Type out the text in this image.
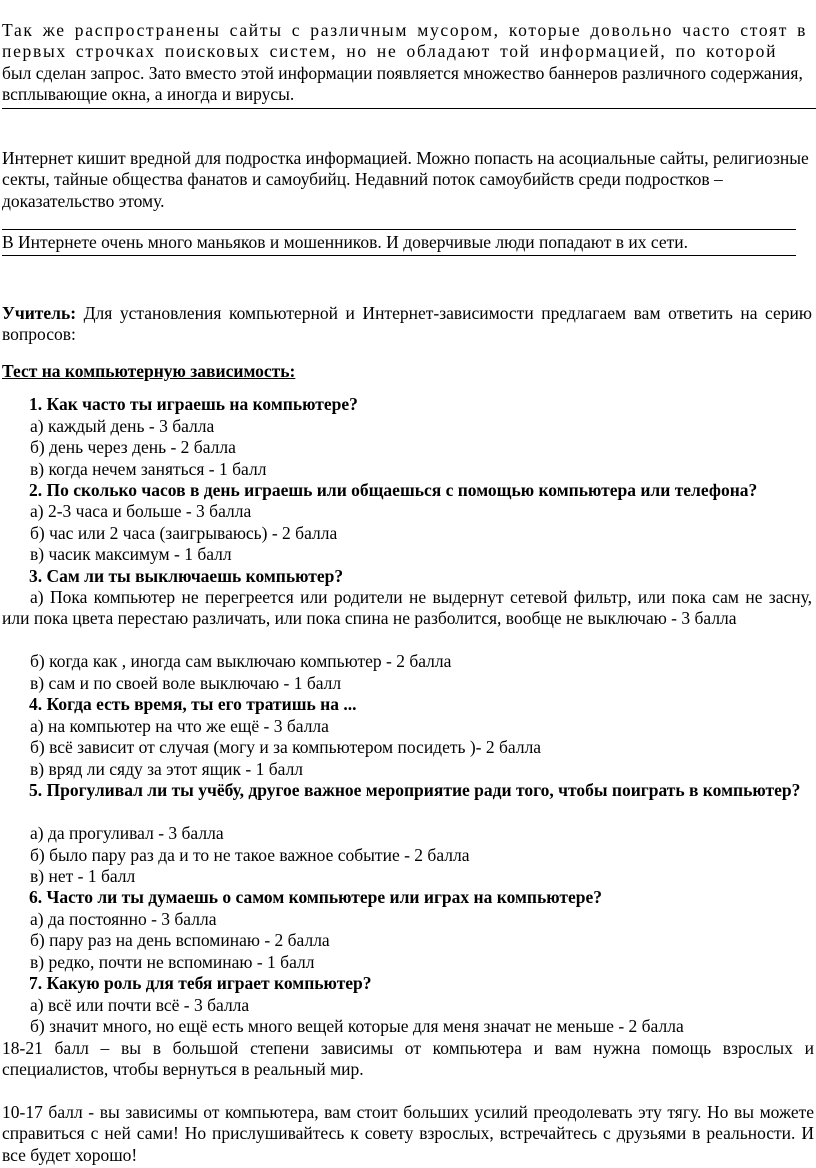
Так же распространены сайты с различным мусором, которые довольно часто стоят в

первых строчках поисковых систем, но не обладают той информацией, по которой

был сделан запрос. Зато вместо этой информации появляется множество баннеров различного содержания, всплывающие окна, а иногда и вирусы.

Интернет кишит вредной для подростка информацией. Можно попасть на асоциальные сайты, религиозные секты, тайные общества фанатов и самоубийц. Недавний поток самоубийств среди подростков – доказательство этому.

В Интернете очень много маньяков и мошенников. И доверчивые люди попадают в их сети.

Учитель: Для установления компьютерной и Интернет-зависимости предлагаем вам ответить на серию вопросов:

Тест на компьютерную зависимость:

1. Как часто ты играешь на компьютере?

а) каждый день - 3 балла

б) день через день - 2 балла

в) когда нечем заняться - 1 балл

2. По сколько часов в день играешь или общаешься с помощью компьютера или телефона?

а) 2-3 часа и больше - 3 балла

б) час или 2 часа (заигрываюсь) - 2 балла

в) часик максимум - 1 балл

3. Сам ли ты выключаешь компьютер?

а) Пока компьютер не перегреется или родители не выдернут сетевой фильтр, или пока сам не засну, или пока цвета перестаю различать, или пока спина не разболится, вообще не выключаю - 3 балла

б) когда как , иногда сам выключаю компьютер - 2 балла

в) сам и по своей воле выключаю - 1 балл

4. Когда есть время, ты его тратишь на ...

а) на компьютер на что же ещё - 3 балла

б) всё зависит от случая (могу и за компьютером посидеть )- 2 балла

в) вряд ли сяду за этот ящик - 1 балл

5. Прогуливал ли ты учёбу, другое важное мероприятие ради того, чтобы поиграть в компьютер?

а) да прогуливал - 3 балла

б) было пару раз да и то не такое важное событие - 2 балла

в) нет - 1 балл

6. Часто ли ты думаешь о самом компьютере или играх на компьютере?

а) да постоянно - 3 балла

б) пару раз на день вспоминаю - 2 балла

в) редко, почти не вспоминаю - 1 балл

7. Какую роль для тебя играет компьютер?

а) всё или почти всё - 3 балла

б) значит много, но ещё есть много вещей которые для меня значат не меньше - 2 балла

18-21 балл – вы в большой степени зависимы от компьютера и вам нужна помощь взрослых и специалистов, чтобы вернуться в реальный мир.

10-17 балл - вы зависимы от компьютера, вам стоит больших усилий преодолевать эту тягу. Но вы можете справиться с ней сами! Но прислушивайтесь к совету взрослых, встречайтесь с друзьями в реальности. И все будет хорошо!
